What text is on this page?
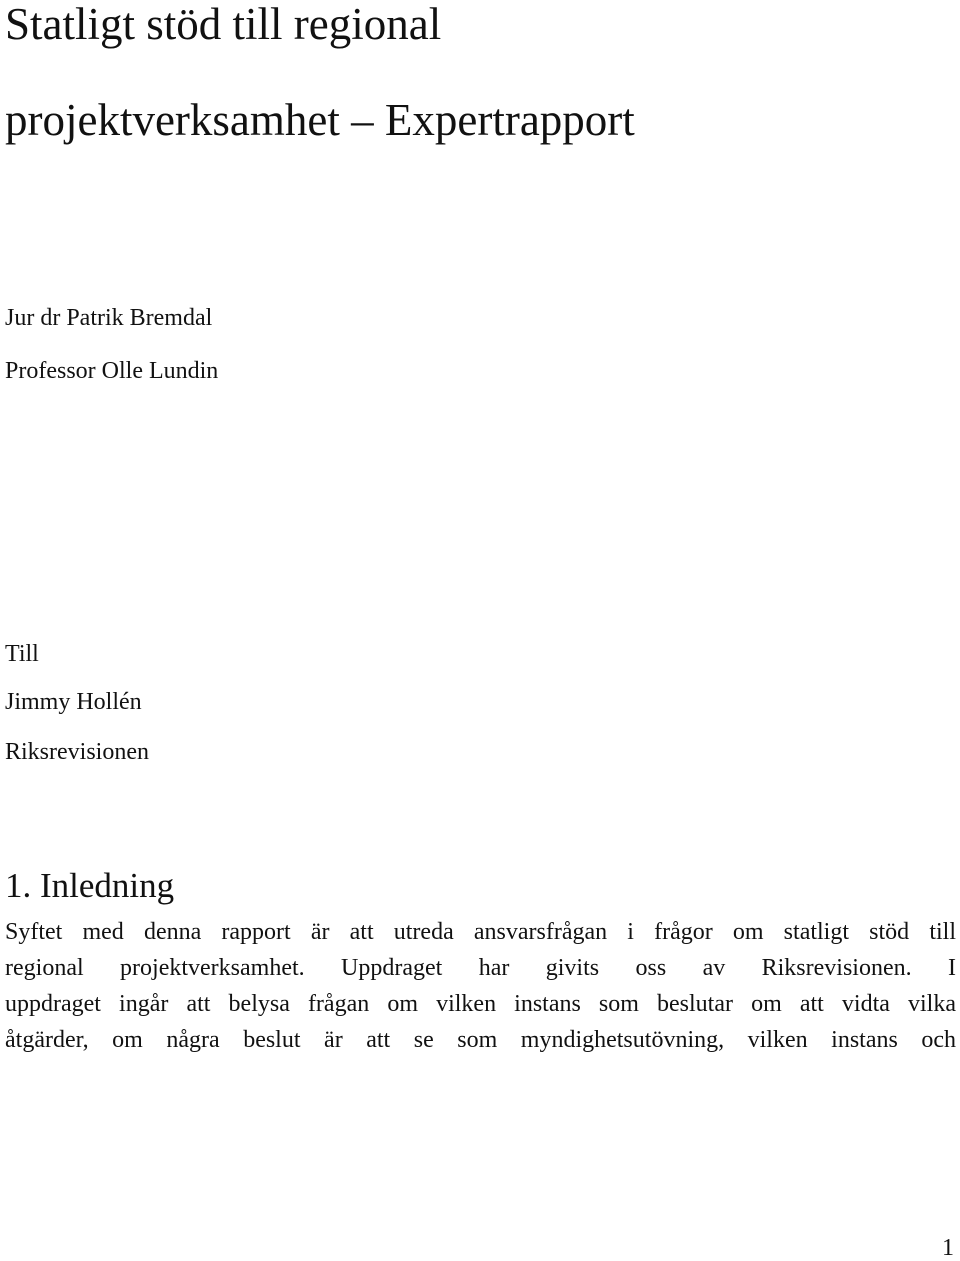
Statligt stöd till regional
projektverksamhet – Expertrapport

Jur dr Patrik Bremdal

Professor Olle Lundin

Till

Jimmy Hollén

Riksrevisionen

1. Inledning
Syftet med denna rapport är att utreda ansvarsfrågan i frågor om statligt stöd till
regional projektverksamhet. Uppdraget har givits oss av Riksrevisionen. I
uppdraget ingår att belysa frågan om vilken instans som beslutar om att vidta vilka
åtgärder, om några beslut är att se som myndighetsutövning, vilken instans och
1
